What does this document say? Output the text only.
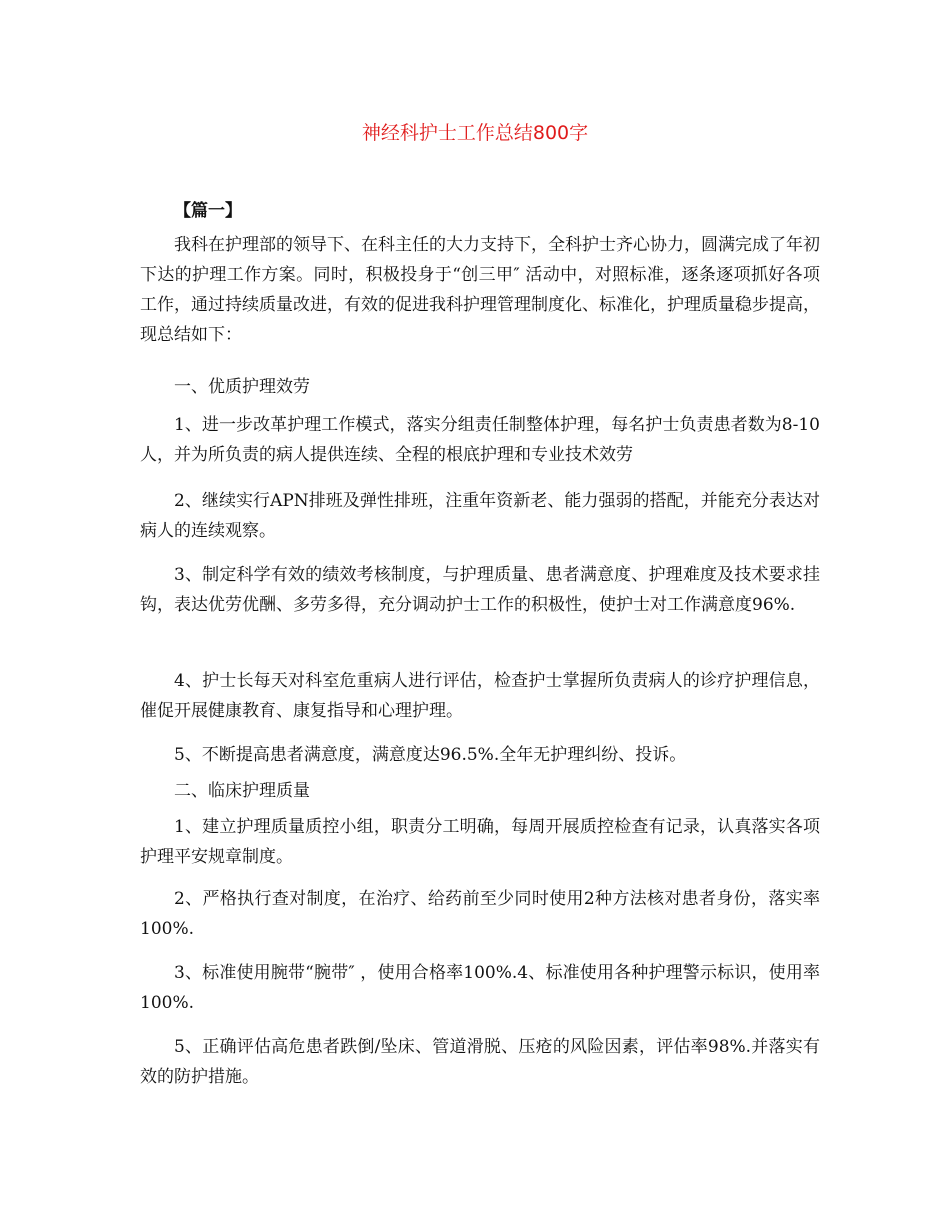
神经科护士工作总结800字
【篇一】

我科在护理部的领导下、在科主任的大力支持下，全科护士齐心协力，圆满完成了年初下达的护理工作方案。同时，积极投身于“创三甲″ 活动中，对照标准，逐条逐项抓好各项工作，通过持续质量改进，有效的促进我科护理管理制度化、标准化，护理质量稳步提高，现总结如下：

一、优质护理效劳

1、进一步改革护理工作模式，落实分组责任制整体护理，每名护士负责患者数为8-10人，并为所负责的病人提供连续、全程的根底护理和专业技术效劳

2、继续实行APN排班及弹性排班，注重年资新老、能力强弱的搭配，并能充分表达对病人的连续观察。

3、制定科学有效的绩效考核制度，与护理质量、患者满意度、护理难度及技术要求挂钩，表达优劳优酬、多劳多得，充分调动护士工作的积极性，使护士对工作满意度96%.

4、护士长每天对科室危重病人进行评估，检查护士掌握所负责病人的诊疗护理信息，催促开展健康教育、康复指导和心理护理。

5、不断提高患者满意度，满意度达96.5%.全年无护理纠纷、投诉。

二、临床护理质量

1、建立护理质量质控小组，职责分工明确，每周开展质控检查有记录，认真落实各项护理平安规章制度。

2、严格执行查对制度，在治疗、给药前至少同时使用2种方法核对患者身份，落实率100%.

3、标准使用腕带“腕带″ ，使用合格率100%.4、标准使用各种护理警示标识，使用率100%.

5、正确评估高危患者跌倒/坠床、管道滑脱、压疮的风险因素，评估率98%.并落实有效的防护措施。
